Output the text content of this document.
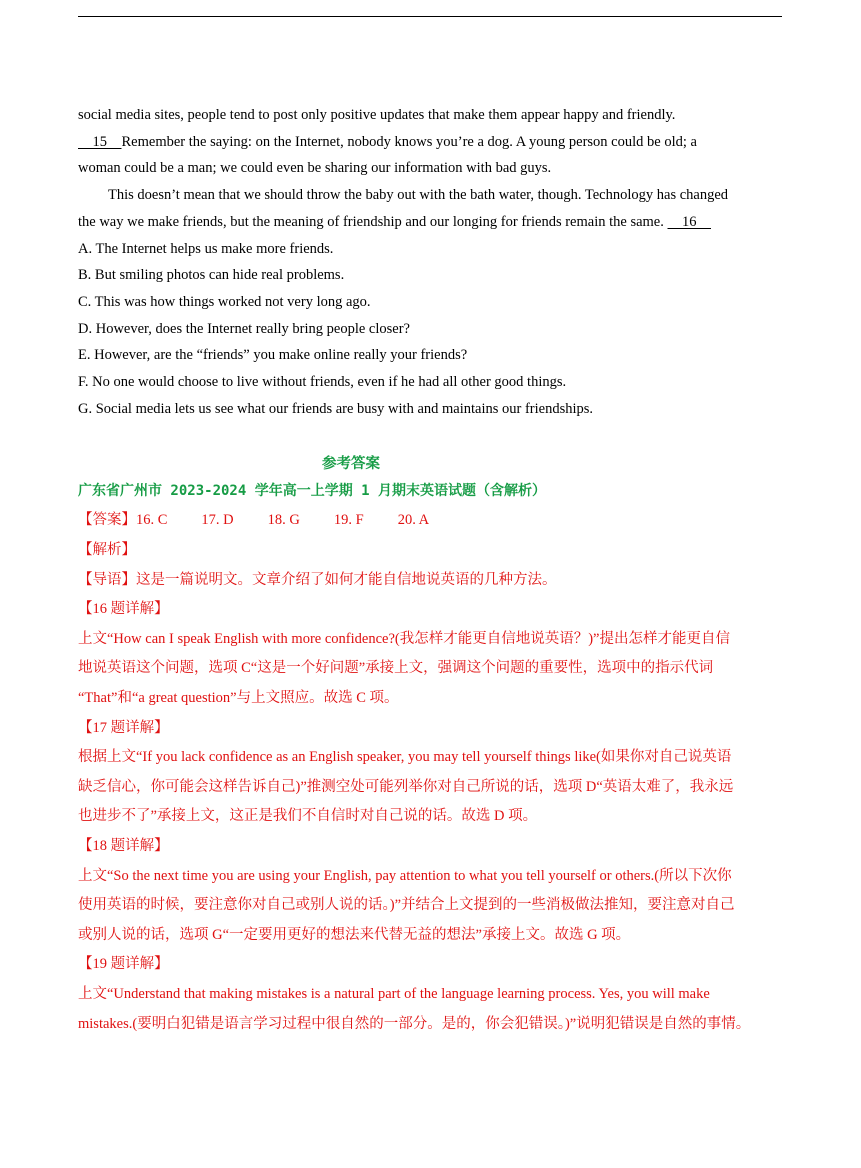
social media sites, people tend to post only positive updates that make them appear happy and friendly.

15 Remember the saying: on the Internet, nobody knows you’re a dog. A young person could be old; a

woman could be a man; we could even be sharing our information with bad guys.

This doesn’t mean that we should throw the baby out with the bath water, though. Technology has changed

the way we make friends, but the meaning of friendship and our longing for friends remain the same. 16

A. The Internet helps us make more friends.

B. But smiling photos can hide real problems.

C. This was how things worked not very long ago.

D. However, does the Internet really bring people closer?

E. However, are the “friends” you make online really your friends?

F. No one would choose to live without friends, even if he had all other good things.

G. Social media lets us see what our friends are busy with and maintains our friendships.

参考答案

广东省广州市 2023-2024 学年高一上学期 1 月期末英语试题（含解析）

【答案】16. C 17. D 18. G 19. F 20. A

【解析】

【导语】这是一篇说明文。文章介绍了如何才能自信地说英语的几种方法。

【16 题详解】

上文“How can I speak English with more confidence?(我怎样才能更自信地说英语？)”提出怎样才能更自信

地说英语这个问题，选项 C“这是一个好问题”承接上文，强调这个问题的重要性，选项中的指示代词

“That”和“a great question”与上文照应。故选 C 项。

【17 题详解】

根据上文“If you lack confidence as an English speaker, you may tell yourself things like(如果你对自己说英语

缺乏信心，你可能会这样告诉自己)”推测空处可能列举你对自己所说的话，选项 D“英语太难了，我永远

也进步不了”承接上文，这正是我们不自信时对自己说的话。故选 D 项。

【18 题详解】

上文“So the next time you are using your English, pay attention to what you tell yourself or others.(所以下次你

使用英语的时候，要注意你对自己或别人说的话。)”并结合上文提到的一些消极做法推知，要注意对自己

或别人说的话，选项 G“一定要用更好的想法来代替无益的想法”承接上文。故选 G 项。

【19 题详解】

上文“Understand that making mistakes is a natural part of the language learning process. Yes, you will make

mistakes.(要明白犯错是语言学习过程中很自然的一部分。是的，你会犯错误。)”说明犯错误是自然的事情。
